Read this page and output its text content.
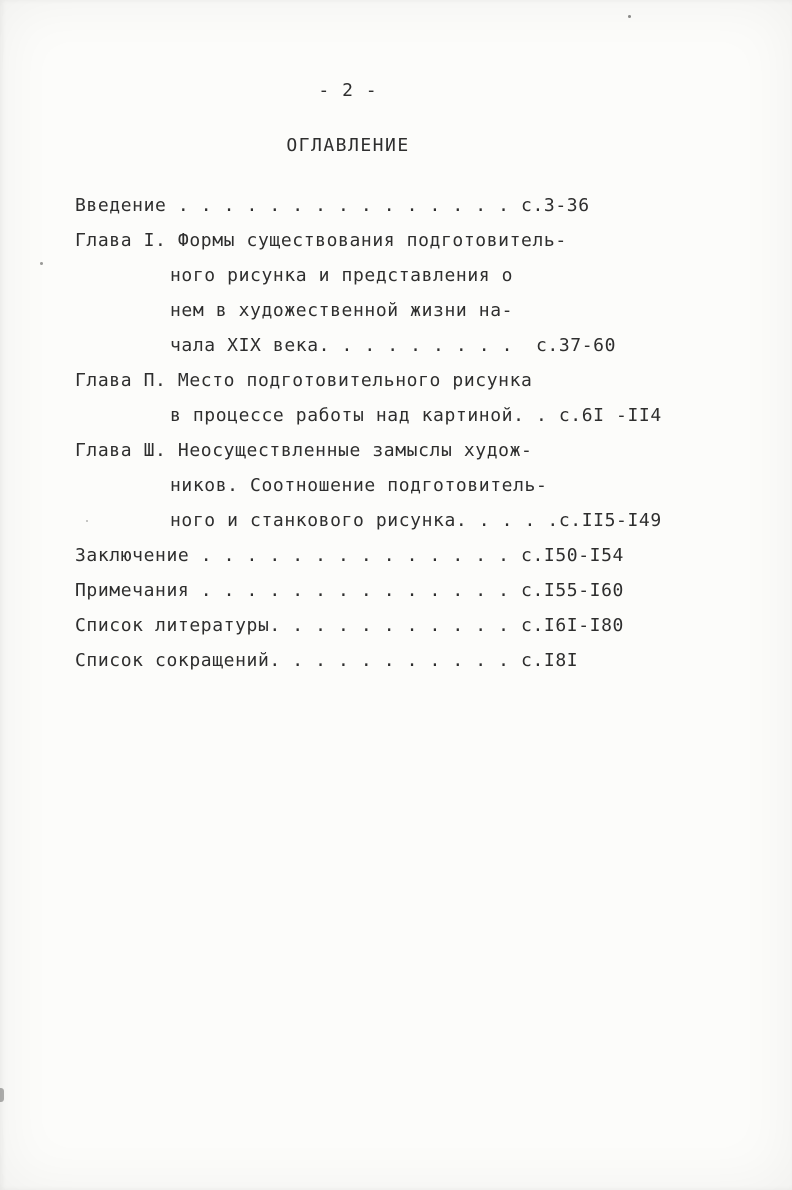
- 2 -
ОГЛАВЛЕНИЕ
Введение . . . . . . . . . . . . . . . с.3-36
Глава I. Формы существования подготовитель-
ного рисунка и представления о
нем в художественной жизни на-
чала XIX века. . . . . . . . .  с.37-60
Глава П. Место подготовительного рисунка
в процессе работы над картиной. . с.6I -II4
Глава Ш. Неосуществленные замыслы худож-
ников. Соотношение подготовитель-
ного и станкового рисунка. . . . .с.II5-I49
Заключение . . . . . . . . . . . . . . с.I50-I54
Примечания . . . . . . . . . . . . . . с.I55-I60
Список литературы. . . . . . . . . . . с.I6I-I80
Список сокращений. . . . . . . . . . . с.I8I
